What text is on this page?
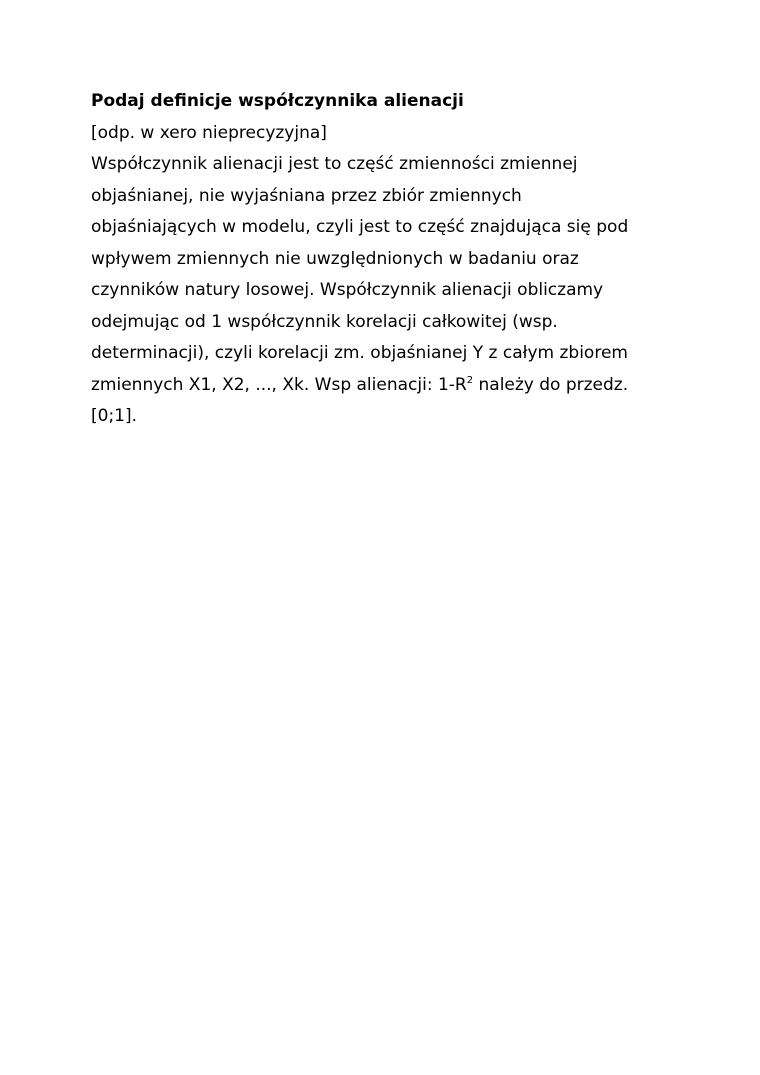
Podaj definicje współczynnika alienacji

[odp. w xero nieprecyzyjna]

Współczynnik alienacji jest to część zmienności zmiennej
objaśnianej, nie wyjaśniana przez zbiór zmiennych
objaśniających w modelu, czyli jest to część znajdująca się pod
wpływem zmiennych nie uwzględnionych w badaniu oraz
czynników natury losowej. Współczynnik alienacji obliczamy
odejmując od 1 współczynnik korelacji całkowitej (wsp.
determinacji), czyli korelacji zm. objaśnianej Y z całym zbiorem
zmiennych X1, X2, ..., Xk. Wsp alienacji: $1-R^2$ należy do przedz.
[0;1].
